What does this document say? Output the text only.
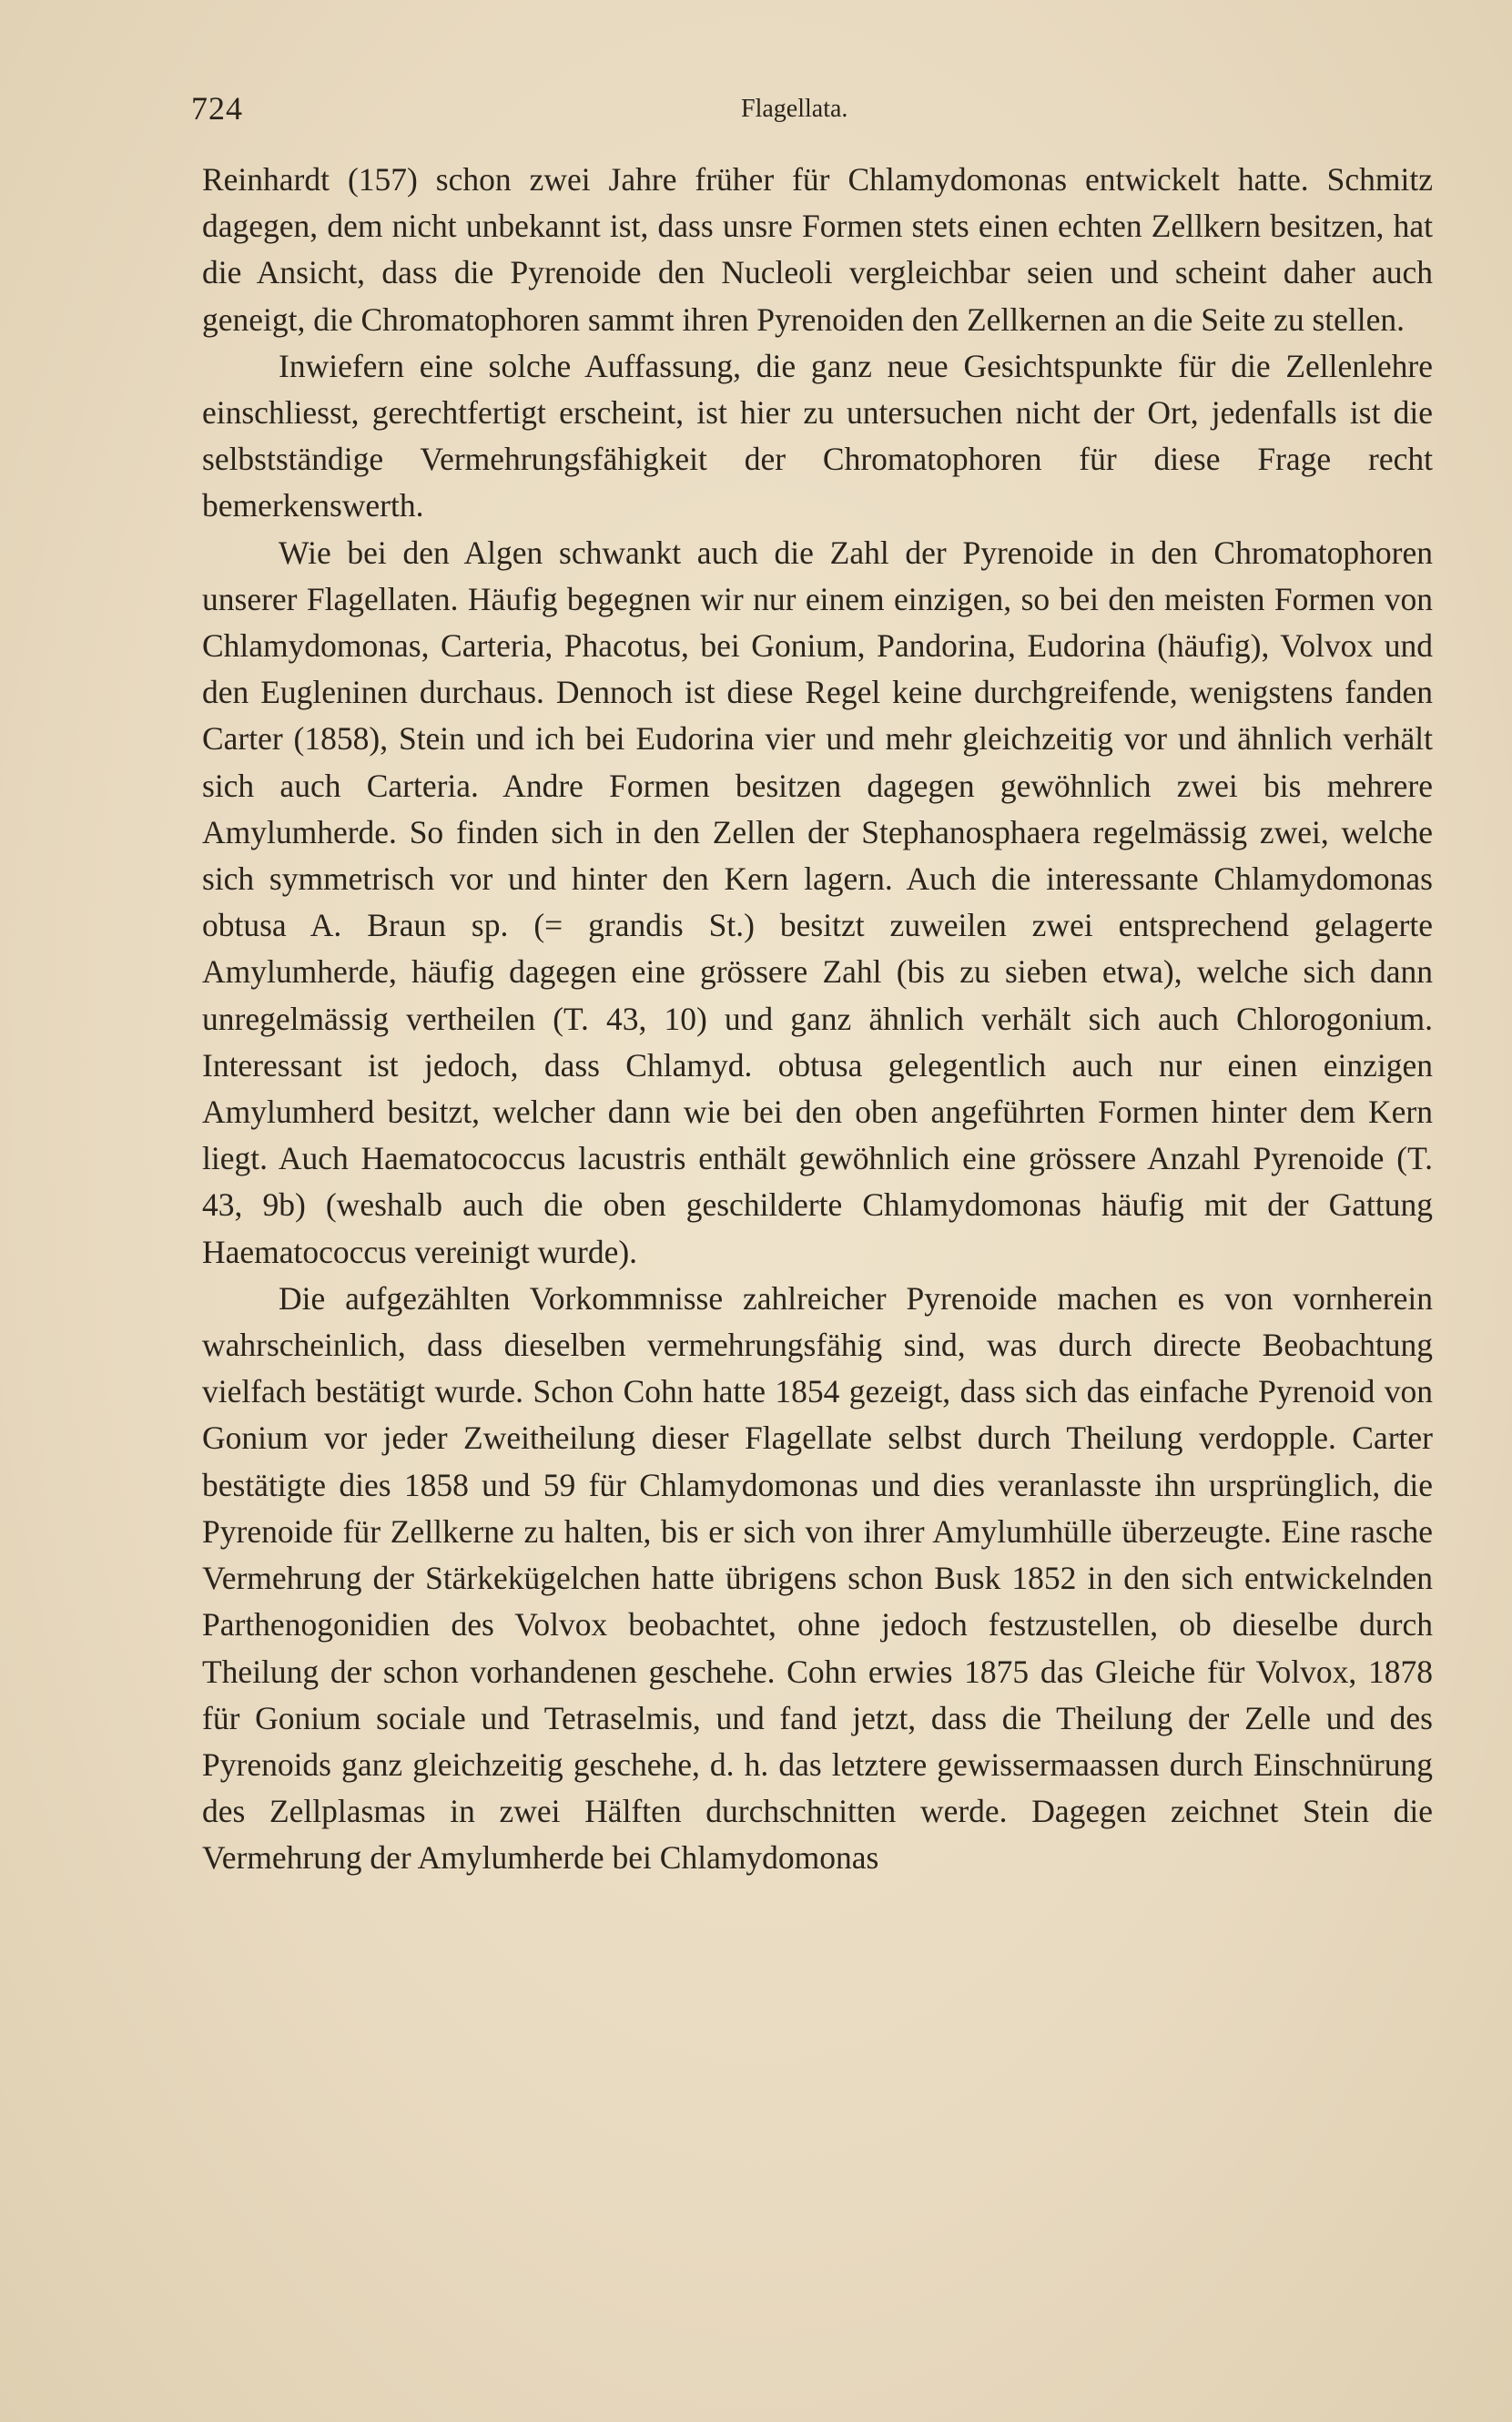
724	Flagellata.

Reinhardt (157) schon zwei Jahre früher für Chlamydomonas entwickelt hatte. Schmitz dagegen, dem nicht unbekannt ist, dass unsre Formen stets einen echten Zellkern besitzen, hat die Ansicht, dass die Pyrenoide den Nucleoli vergleichbar seien und scheint daher auch geneigt, die Chromatophoren sammt ihren Pyrenoiden den Zellkernen an die Seite zu stellen.

Inwiefern eine solche Auffassung, die ganz neue Gesichtspunkte für die Zellenlehre einschliesst, gerechtfertigt erscheint, ist hier zu untersuchen nicht der Ort, jedenfalls ist die selbstständige Vermehrungsfähigkeit der Chromatophoren für diese Frage recht bemerkenswerth.

Wie bei den Algen schwankt auch die Zahl der Pyrenoide in den Chromatophoren unserer Flagellaten. Häufig begegnen wir nur einem einzigen, so bei den meisten Formen von Chlamydomonas, Carteria, Phacotus, bei Gonium, Pandorina, Eudorina (häufig), Volvox und den Eugleninen durchaus. Dennoch ist diese Regel keine durchgreifende, wenigstens fanden Carter (1858), Stein und ich bei Eudorina vier und mehr gleichzeitig vor und ähnlich verhält sich auch Carteria. Andre Formen besitzen dagegen gewöhnlich zwei bis mehrere Amylumherde. So finden sich in den Zellen der Stephanosphaera regelmässig zwei, welche sich symmetrisch vor und hinter den Kern lagern. Auch die interessante Chlamydomonas obtusa A. Braun sp. (= grandis St.) besitzt zuweilen zwei entsprechend gelagerte Amylumherde, häufig dagegen eine grössere Zahl (bis zu sieben etwa), welche sich dann unregelmässig vertheilen (T. 43, 10) und ganz ähnlich verhält sich auch Chlorogonium. Interessant ist jedoch, dass Chlamyd. obtusa gelegentlich auch nur einen einzigen Amylumherd besitzt, welcher dann wie bei den oben angeführten Formen hinter dem Kern liegt. Auch Haematococcus lacustris enthält gewöhnlich eine grössere Anzahl Pyrenoide (T. 43, 9b) (weshalb auch die oben geschilderte Chlamydomonas häufig mit der Gattung Haematococcus vereinigt wurde).

Die aufgezählten Vorkommnisse zahlreicher Pyrenoide machen es von vornherein wahrscheinlich, dass dieselben vermehrungsfähig sind, was durch directe Beobachtung vielfach bestätigt wurde. Schon Cohn hatte 1854 gezeigt, dass sich das einfache Pyrenoid von Gonium vor jeder Zweitheilung dieser Flagellate selbst durch Theilung verdopple. Carter bestätigte dies 1858 und 59 für Chlamydomonas und dies veranlasste ihn ursprünglich, die Pyrenoide für Zellkerne zu halten, bis er sich von ihrer Amylumhülle überzeugte. Eine rasche Vermehrung der Stärkekügelchen hatte übrigens schon Busk 1852 in den sich entwickelnden Parthenogonidien des Volvox beobachtet, ohne jedoch festzustellen, ob dieselbe durch Theilung der schon vorhandenen geschehe. Cohn erwies 1875 das Gleiche für Volvox, 1878 für Gonium sociale und Tetraselmis, und fand jetzt, dass die Theilung der Zelle und des Pyrenoids ganz gleichzeitig geschehe, d. h. das letztere gewissermaassen durch Einschnürung des Zellplasmas in zwei Hälften durchschnitten werde. Dagegen zeichnet Stein die Vermehrung der Amylumherde bei Chlamydomonas
